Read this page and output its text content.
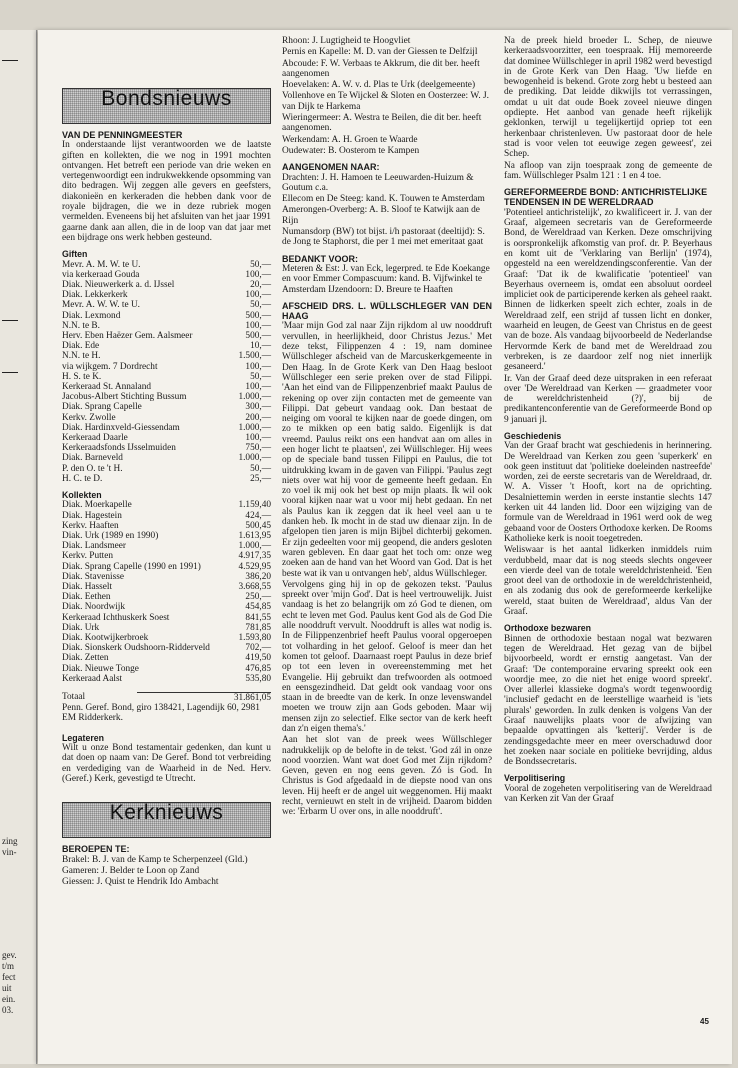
zing
vin-
gev.
t/m
fect
uit
ein.
03.
Bondsnieuws
VAN DE PENNINGMEESTER

In onderstaande lijst verantwoorden we de laatste giften en kollekten, die we nog in 1991 mochten ontvangen. Het betreft een periode van drie weken en vertegenwoordigt een indrukwekkende opsomming van dito bedragen. Wij zeggen alle gevers en geefsters, diakonieën en kerkeraden die hebben dank voor de royale bijdragen, die we in deze rubriek mogen vermelden. Eveneens bij het afsluiten van het jaar 1991 gaarne dank aan allen, die in de loop van dat jaar met een bijdrage ons werk hebben gesteund.

Giften
Mevr. A. M. W. te U.	50,—
via kerkeraad Gouda	100,—
Diak. Nieuwerkerk a. d. IJssel	20,—
Diak. Lekkerkerk	100,—
Mevr. A. W. W. te U.	50,—
Diak. Lexmond	500,—
N.N. te B.	100,—
Herv. Eben Haëzer Gem. Aalsmeer	500,—
Diak. Ede	10,—
N.N. te H.	1.500,—
via wijkgem. 7 Dordrecht	100,—
H. S. te K.	50,—
Kerkeraad St. Annaland	100,—
Jacobus-Albert Stichting Bussum	1.000,—
Diak. Sprang Capelle	300,—
Kerkv. Zwolle	200,—
Diak. Hardinxveld-Giessendam	1.000,—
Kerkeraad Daarle	100,—
Kerkeraadsfonds IJsselmuiden	750,—
Diak. Barneveld	1.000,—
P. den O. te 't H.	50,—
H. C. te D.	25,—
Kollekten
Diak. Moerkapelle	1.159,40
Diak. Hagestein	424,—
Kerkv. Haaften	500,45
Diak. Urk (1989 en 1990)	1.613,95
Diak. Landsmeer	1.000,—
Kerkv. Putten	4.917,35
Diak. Sprang Capelle (1990 en 1991)	4.529,95
Diak. Stavenisse	386,20
Diak. Hasselt	3.668,55
Diak. Eethen	250,—
Diak. Noordwijk	454,85
Kerkeraad Ichthuskerk Soest	841,55
Diak. Urk	781,85
Diak. Kootwijkerbroek	1.593,80
Diak. Sionskerk Oudshoorn-Ridderveld	702,—
Diak. Zetten	419,50
Diak. Nieuwe Tonge	476,85
Kerkeraad Aalst	535,80
Totaal	31.861,05

Penn. Geref. Bond, giro 138421, Lagendijk 60, 2981 EM Ridderkerk.

Legateren

Wilt u onze Bond testamentair gedenken, dan kunt u dat doen op naam van: De Geref. Bond tot verbreiding en verdediging van de Waarheid in de Ned. Herv. (Geref.) Kerk, gevestigd te Utrecht.

Kerknieuws
BEROEPEN TE:

Brakel: B. J. van de Kamp te Scherpenzeel (Gld.)

Gameren: J. Belder te Loon op Zand

Giessen: J. Quist te Hendrik Ido Ambacht

Rhoon: J. Lugtigheid te Hoogvliet

Pernis en Kapelle: M. D. van der Giessen te Delfzijl

Abcoude: F. W. Verbaas te Akkrum, die dit ber. heeft aangenomen

Hoevelaken: A. W. v. d. Plas te Urk (deelgemeente)

Vollenhove en Te Wijckel & Sloten en Oosterzee: W. J. van Dijk te Harkema

Wieringermeer: A. Westra te Beilen, die dit ber. heeft aangenomen.

Werkendam: A. H. Groen te Waarde

Oudewater: B. Oosterom te Kampen

AANGENOMEN NAAR:

Drachten: J. H. Hamoen te Leeuwarden-Huizum & Goutum c.a.

Ellecom en De Steeg: kand. K. Touwen te Amsterdam

Amerongen-Overberg: A. B. Sloof te Katwijk aan de Rijn

Numansdorp (BW) tot bijst. i/h pastoraat (deeltijd): S. de Jong te Staphorst, die per 1 mei met emeritaat gaat

BEDANKT VOOR:

Meteren & Est: J. van Eck, legerpred. te Ede Koekange en voor Emmer Compascuum: kand. B. Vijfwinkel te Amsterdam IJzendoorn: D. Breure te Haaften

AFSCHEID DRS. L. WÜLLSCHLEGER VAN DEN HAAG

'Maar mijn God zal naar Zijn rijkdom al uw nooddruft vervullen, in heerlijkheid, door Christus Jezus.' Met deze tekst, Filippenzen 4 : 19, nam dominee Wüllschleger afscheid van de Marcuskerkgemeente in Den Haag. In de Grote Kerk van Den Haag besloot Wüllschleger een serie preken over de stad Filippi. 'Aan het eind van de Filippenzenbrief maakt Paulus de rekening op over zijn contacten met de gemeente van Filippi. Dat gebeurt vandaag ook. Dan bestaat de neiging om vooral te kijken naar de goede dingen, om zo te mikken op een batig saldo. Eigenlijk is dat vreemd. Paulus reikt ons een handvat aan om alles in een hoger licht te plaatsen', zei Wüllschleger. Hij wees op de speciale band tussen Filippi en Paulus, die tot uitdrukking kwam in de gaven van Filippi. 'Paulus zegt niets over wat hij voor de gemeente heeft gedaan. En zo voel ik mij ook het best op mijn plaats. Ik wil ook vooral kijken naar wat u voor mij hebt gedaan. En net als Paulus kan ik zeggen dat ik heel veel aan u te danken heb. Ik mocht in de stad uw dienaar zijn. In de afgelopen tien jaren is mijn Bijbel dichterbij gekomen. Er zijn gedeelten voor mij geopend, die anders gesloten waren gebleven. En daar gaat het toch om: onze weg zoeken aan de hand van het Woord van God. Dat is het beste wat ik van u ontvangen heb', aldus Wüllschleger.

Vervolgens ging hij in op de gekozen tekst. 'Paulus spreekt over 'mijn God'. Dat is heel vertrouwelijk. Juist vandaag is het zo belangrijk om zó God te dienen, om echt te leven met God. Paulus kent God als de God Die alle nooddruft vervult. Nooddruft is alles wat nodig is. In de Filippenzenbrief heeft Paulus vooral opgeroepen tot volharding in het geloof. Geloof is meer dan het komen tot geloof. Daarnaast roept Paulus in deze brief op tot een leven in overeenstemming met het Evangelie. Hij gebruikt dan trefwoorden als ootmoed en eensgezindheid. Dat geldt ook vandaag voor ons staan in de breedte van de kerk. In onze levenswandel moeten we trouw zijn aan Gods geboden. Maar wij mensen zijn zo selectief. Elke sector van de kerk heeft dan z'n eigen thema's.'

Aan het slot van de preek wees Wüllschleger nadrukkelijk op de belofte in de tekst. 'God zál in onze nood voorzien. Want wat doet God met Zijn rijkdom? Geven, geven en nog eens geven. Zó is God. In Christus is God afgedaald in de diepste nood van ons leven. Hij heeft er de angel uit weggenomen. Hij maakt recht, vernieuwt en stelt in de vrijheid. Daarom bidden we: 'Erbarm U over ons, in alle nooddruft'.

Na de preek hield broeder L. Schep, de nieuwe kerkeraadsvoorzitter, een toespraak. Hij memoreerde dat dominee Wüllschleger in april 1982 werd bevestigd in de Grote Kerk van Den Haag. 'Uw liefde en bewogenheid is bekend. Grote zorg hebt u besteed aan de prediking. Dat leidde dikwijls tot verrassingen, omdat u uit dat oude Boek zoveel nieuwe dingen opdiepte. Het aanbod van genade heeft rijkelijk geklonken, terwijl u tegelijkertijd opriep tot een herkenbaar christenleven. Uw pastoraat door de hele stad is voor velen tot eeuwige zegen geweest', zei Schep.

Na afloop van zijn toespraak zong de gemeente de fam. Wüllschleger Psalm 121 : 1 en 4 toe.

GEREFORMEERDE BOND: ANTICHRISTELIJKE TENDENSEN IN DE WERELDRAAD

'Potentieel antichristelijk', zo kwalificeert ir. J. van der Graaf, algemeen secretaris van de Gereformeerde Bond, de Wereldraad van Kerken. Deze omschrijving is oorspronkelijk afkomstig van prof. dr. P. Beyerhaus en komt uit de 'Verklaring van Berlijn' (1974), opgesteld na een wereldzendingsconferentie. Van der Graaf: 'Dat ik de kwalificatie 'potentieel' van Beyerhaus overneem is, omdat een absoluut oordeel impliciet ook de participerende kerken als geheel raakt. Binnen de lidkerken speelt zich echter, zoals in de Wereldraad zelf, een strijd af tussen licht en donker, waarheid en leugen, de Geest van Christus en de geest van de boze. Als vandaag bijvoorbeeld de Nederlandse Hervormde Kerk de band met de Wereldraad zou verbreken, is ze daardoor zelf nog niet innerlijk gesaneerd.'

Ir. Van der Graaf deed deze uitspraken in een referaat over 'De Wereldraad van Kerken — graadmeter voor de wereldchristenheid (?)', bij de predikantenconferentie van de Gereformeerde Bond op 9 januari jl.

Geschiedenis

Van der Graaf bracht wat geschiedenis in herinnering. De Wereldraad van Kerken zou geen 'superkerk' en ook geen instituut dat 'politieke doeleinden nastreefde' worden, zei de eerste secretaris van de Wereldraad, dr. W. A. Visser 't Hooft, kort na de oprichting. Desalniettemin werden in eerste instantie slechts 147 kerken uit 44 landen lid. Door een wijziging van de formule van de Wereldraad in 1961 werd ook de weg gebaand voor de Oosters Orthodoxe kerken. De Rooms Katholieke kerk is nooit toegetreden.

Weliswaar is het aantal lidkerken inmiddels ruim verdubbeld, maar dat is nog steeds slechts ongeveer een vierde deel van de totale wereldchristenheid. 'Een groot deel van de orthodoxie in de wereldchristenheid, en als zodanig dus ook de gereformeerde kerkelijke wereld, staat buiten de Wereldraad', aldus Van der Graaf.

Orthodoxe bezwaren

Binnen de orthodoxie bestaan nogal wat bezwaren tegen de Wereldraad. Het gezag van de bijbel bijvoorbeeld, wordt er ernstig aangetast. Van der Graaf: 'De contemporaine ervaring spreekt ook een woordje mee, zo die niet het enige woord spreekt'. Over allerlei klassieke dogma's wordt tegenwoordig 'inclusief' gedacht en de leerstellige waarheid is 'iets plurals' geworden. In zulk denken is volgens Van der Graaf nauwelijks plaats voor de afwijzing van bepaalde opvattingen als 'ketterij'. Verder is de zendingsgedachte meer en meer overschaduwd door het zoeken naar sociale en politieke bevrijding, aldus de Bondssecretaris.

Verpolitisering

Vooral de zogeheten verpolitisering van de Wereldraad van Kerken zit Van der Graaf

45
